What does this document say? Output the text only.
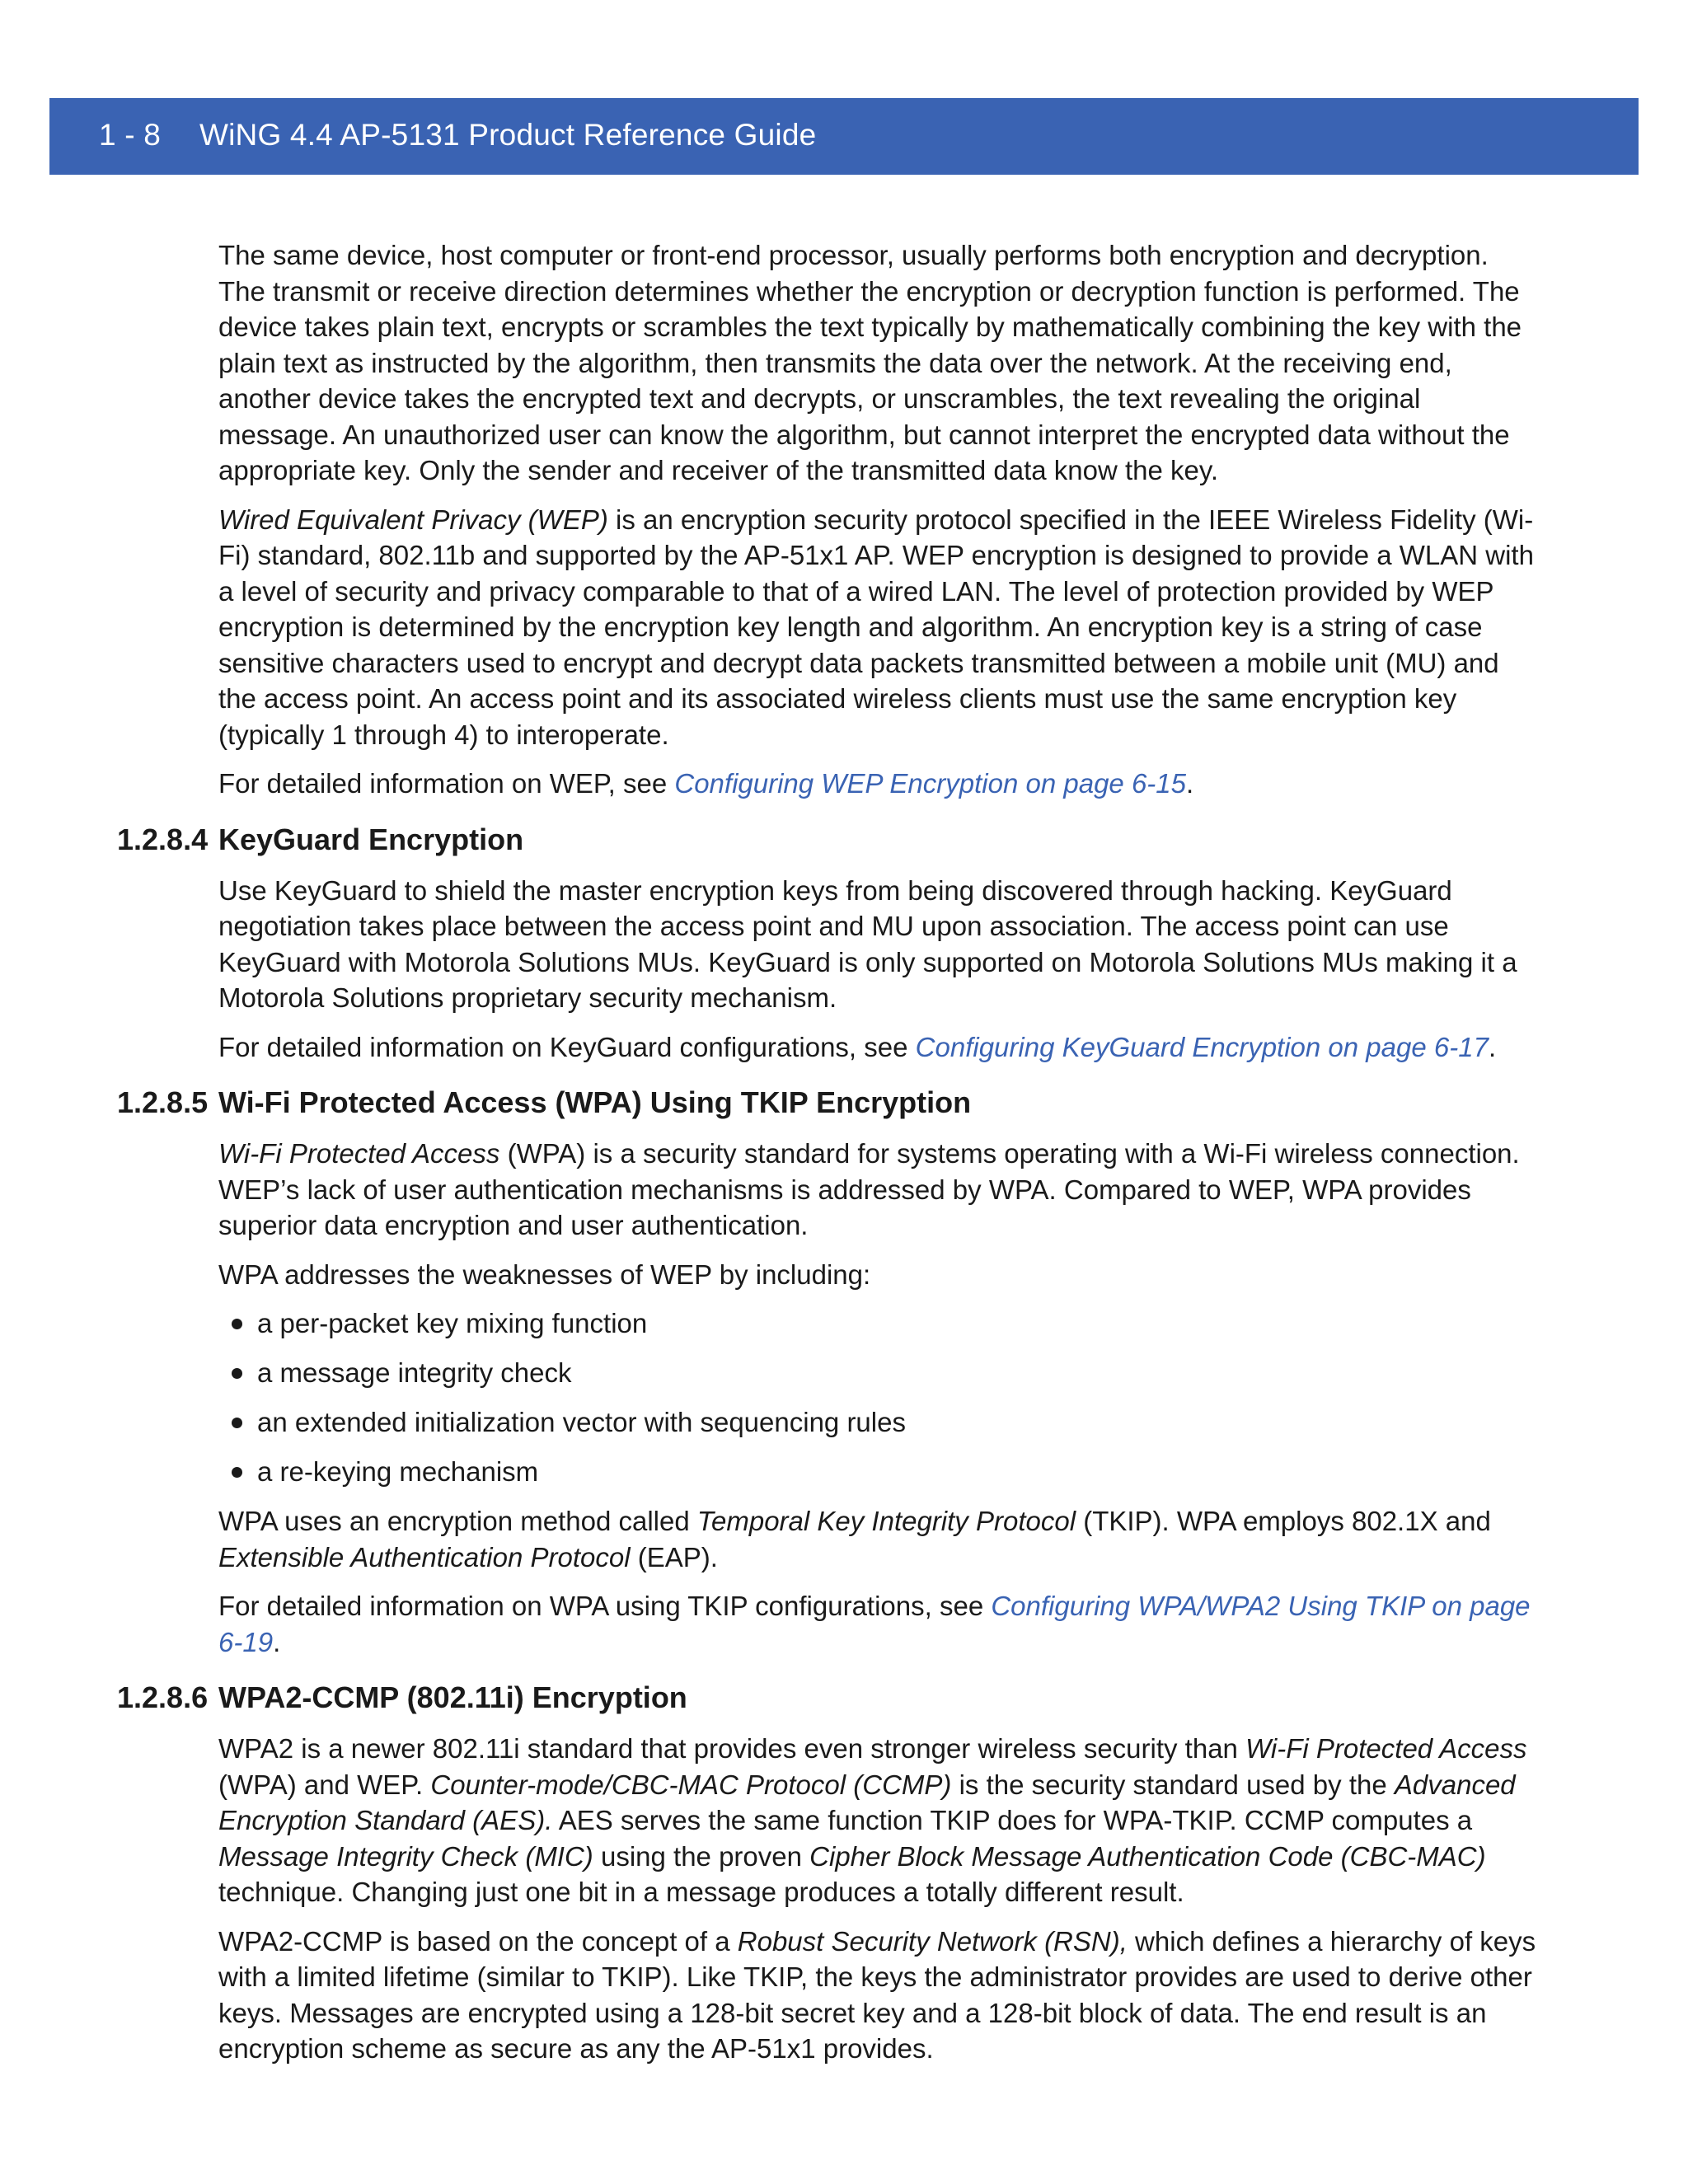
1 - 8 WiNG 4.4 AP-5131 Product Reference Guide

The same device, host computer or front-end processor, usually performs both encryption and decryption. The transmit or receive direction determines whether the encryption or decryption function is performed. The device takes plain text, encrypts or scrambles the text typically by mathematically combining the key with the plain text as instructed by the algorithm, then transmits the data over the network. At the receiving end, another device takes the encrypted text and decrypts, or unscrambles, the text revealing the original message. An unauthorized user can know the algorithm, but cannot interpret the encrypted data without the appropriate key. Only the sender and receiver of the transmitted data know the key.

Wired Equivalent Privacy (WEP) is an encryption security protocol specified in the IEEE Wireless Fidelity (Wi-Fi) standard, 802.11b and supported by the AP-51x1 AP. WEP encryption is designed to provide a WLAN with a level of security and privacy comparable to that of a wired LAN. The level of protection provided by WEP encryption is determined by the encryption key length and algorithm. An encryption key is a string of case sensitive characters used to encrypt and decrypt data packets transmitted between a mobile unit (MU) and the access point. An access point and its associated wireless clients must use the same encryption key (typically 1 through 4) to interoperate.

For detailed information on WEP, see Configuring WEP Encryption on page 6-15.

1.2.8.4 KeyGuard Encryption

Use KeyGuard to shield the master encryption keys from being discovered through hacking. KeyGuard negotiation takes place between the access point and MU upon association. The access point can use KeyGuard with Motorola Solutions MUs. KeyGuard is only supported on Motorola Solutions MUs making it a Motorola Solutions proprietary security mechanism.

For detailed information on KeyGuard configurations, see Configuring KeyGuard Encryption on page 6-17.

1.2.8.5 Wi-Fi Protected Access (WPA) Using TKIP Encryption

Wi-Fi Protected Access (WPA) is a security standard for systems operating with a Wi-Fi wireless connection. WEP’s lack of user authentication mechanisms is addressed by WPA. Compared to WEP, WPA provides superior data encryption and user authentication.

WPA addresses the weaknesses of WEP by including:

a per-packet key mixing function
a message integrity check
an extended initialization vector with sequencing rules
a re-keying mechanism

WPA uses an encryption method called Temporal Key Integrity Protocol (TKIP). WPA employs 802.1X and Extensible Authentication Protocol (EAP).

For detailed information on WPA using TKIP configurations, see Configuring WPA/WPA2 Using TKIP on page 6-19.

1.2.8.6 WPA2-CCMP (802.11i) Encryption

WPA2 is a newer 802.11i standard that provides even stronger wireless security than Wi-Fi Protected Access (WPA) and WEP. Counter-mode/CBC-MAC Protocol (CCMP) is the security standard used by the Advanced Encryption Standard (AES). AES serves the same function TKIP does for WPA-TKIP. CCMP computes a Message Integrity Check (MIC) using the proven Cipher Block Message Authentication Code (CBC-MAC) technique. Changing just one bit in a message produces a totally different result.

WPA2-CCMP is based on the concept of a Robust Security Network (RSN), which defines a hierarchy of keys with a limited lifetime (similar to TKIP). Like TKIP, the keys the administrator provides are used to derive other keys. Messages are encrypted using a 128-bit secret key and a 128-bit block of data. The end result is an encryption scheme as secure as any the AP-51x1 provides.
